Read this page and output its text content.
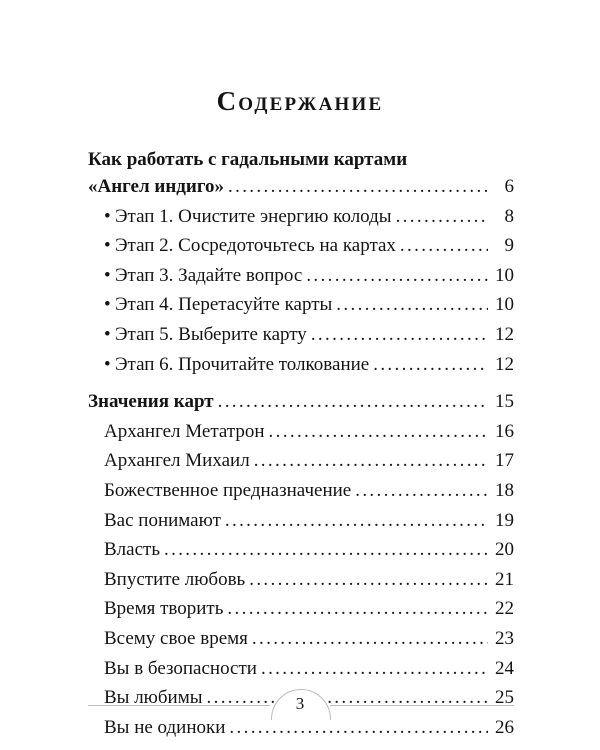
Содержание
Как работать с гадальными картами
«Ангел индиго» . . .	6
• Этап 1. Очистите энергию колоды . . .	8
• Этап 2. Сосредоточьтесь на картах . . .	9
• Этап 3. Задайте вопрос . . .	10
• Этап 4. Перетасуйте карты . . .	10
• Этап 5. Выберите карту . . .	12
• Этап 6. Прочитайте толкование . . .	12
Значения карт . . .	15
Архангел Метатрон . . .	16
Архангел Михаил . . .	17
Божественное предназначение . . .	18
Вас понимают . . .	19
Власть . . .	20
Впустите любовь . . .	21
Время творить . . .	22
Всему свое время . . .	23
Вы в безопасности . . .	24
Вы любимы . . .	25
Вы не одиноки . . .	26
3
